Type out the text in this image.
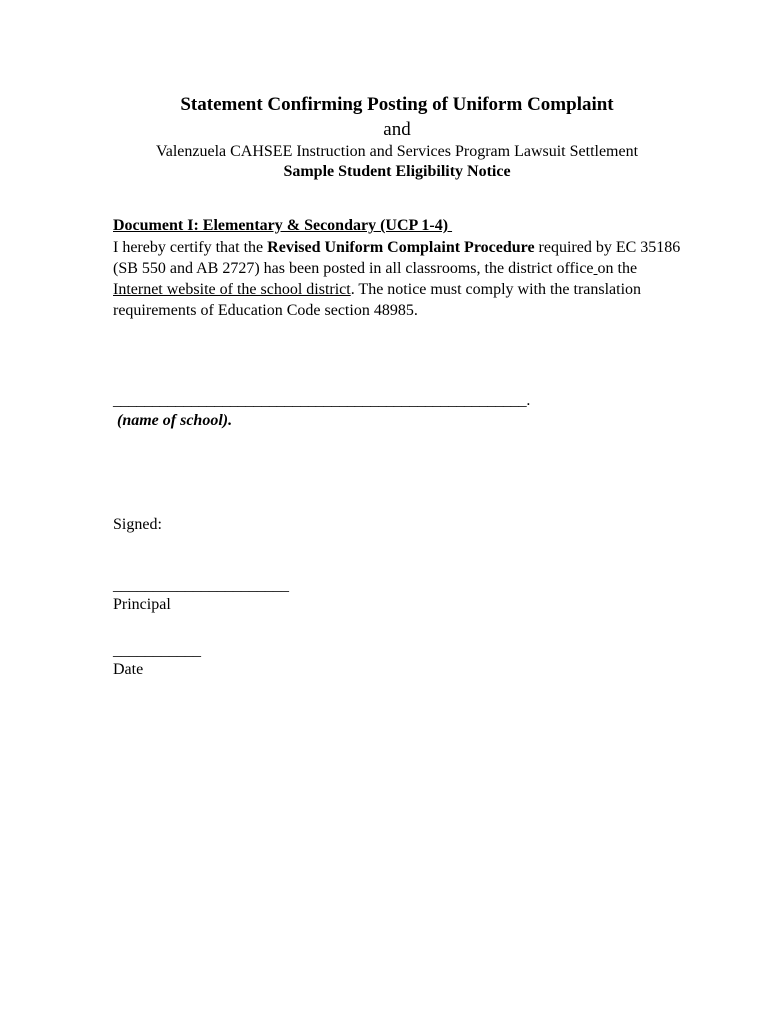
Statement Confirming Posting of Uniform Complaint
and
Valenzuela CAHSEE Instruction and Services Program Lawsuit Settlement
Sample Student Eligibility Notice
Document I: Elementary & Secondary (UCP 1-4)
I hereby certify that the Revised Uniform Complaint Procedure required by EC 35186 (SB 550 and AB 2727) has been posted in all classrooms, the district office on the Internet website of the school district. The notice must comply with the translation requirements of Education Code section 48985.
_____________________________________________________.
(name of school).
Signed:
______________________
Principal
___________
Date
